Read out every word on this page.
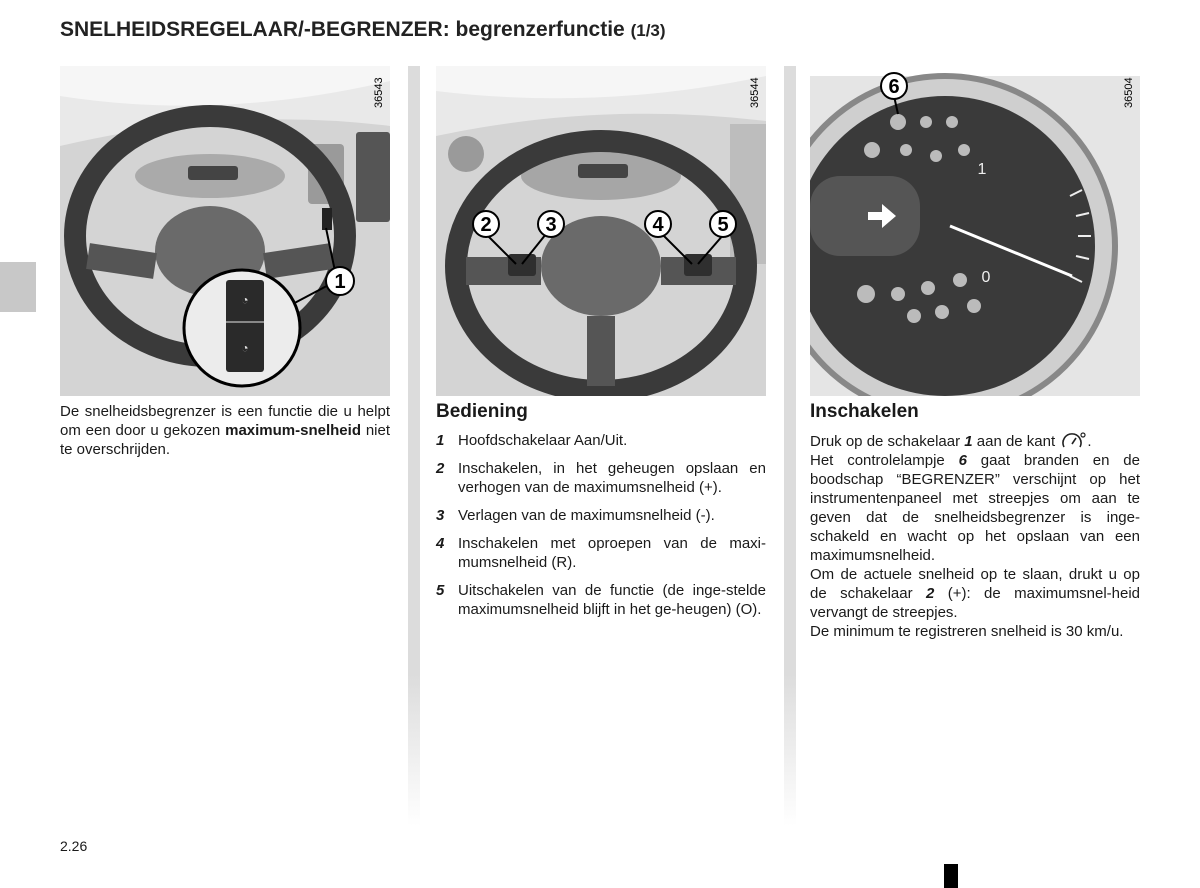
SNELHEIDSREGELAAR/-BEGRENZER: begrenzerfunctie (1/3)
◔
◔
1
36543
2	3	4	5
36544
1
0
6	36504

De snelheidsbegrenzer is een functie die u helpt om een door u gekozen maximum-snelheid niet te overschrijden.

Bediening
1 Hoofdschakelaar Aan/Uit.
2 Inschakelen, in het geheugen opslaan en verhogen van de maximumsnelheid (+).
3 Verlagen van de maximumsnelheid (-).
4 Inschakelen met oproepen van de maxi-mumsnelheid (R).
5 Uitschakelen van de functie (de inge-stelde maximumsnelheid blijft in het ge-heugen) (O).
Inschakelen

Druk op de schakelaar 1 aan de kant .
Het controlelampje 6 gaat branden en de boodschap “BEGRENZER” verschijnt op het instrumentenpaneel met streepjes om aan te geven dat de snelheidsbegrenzer is inge-schakeld en wacht op het opslaan van een maximumsnelheid.
Om de actuele snelheid op te slaan, drukt u op de schakelaar 2 (+): de maximumsnel-heid vervangt de streepjes.
De minimum te registreren snelheid is 30 km/u.

2.26
